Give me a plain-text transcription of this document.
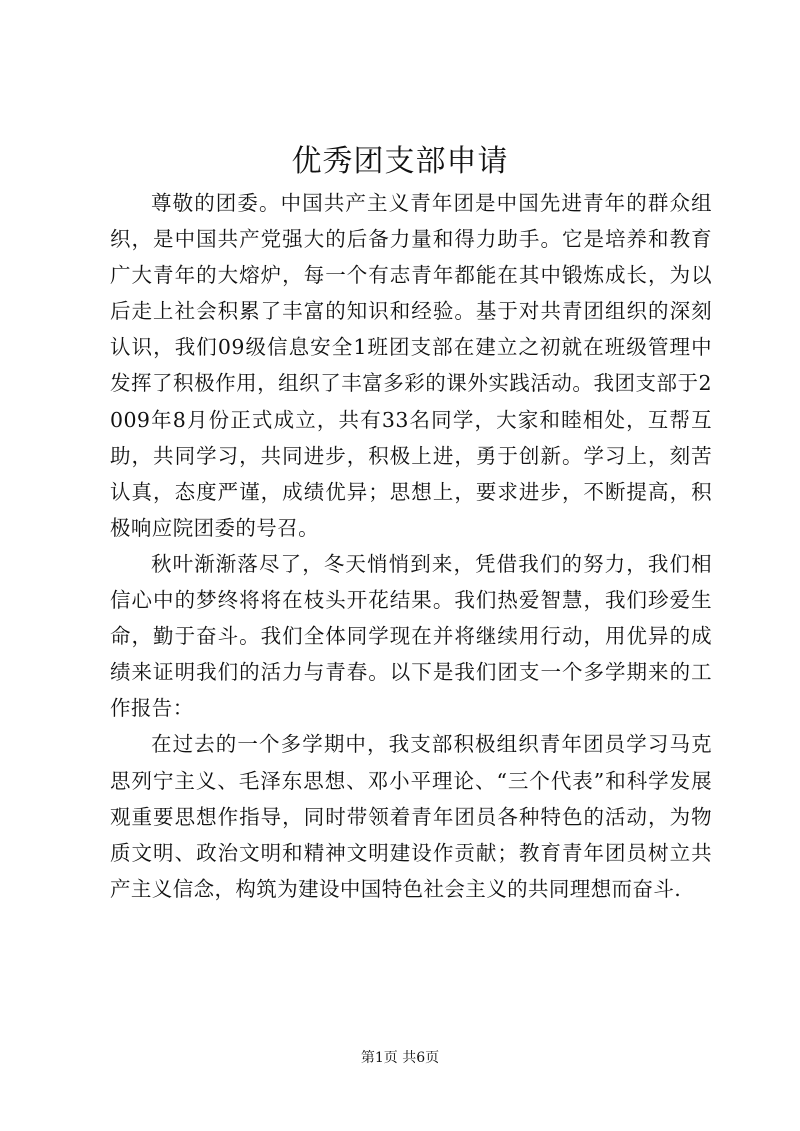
优秀团支部申请

尊敬的团委。中国共产主义青年团是中国先进青年的群众组织，是中国共产党强大的后备力量和得力助手。它是培养和教育广大青年的大熔炉，每一个有志青年都能在其中锻炼成长，为以后走上社会积累了丰富的知识和经验。基于对共青团组织的深刻认识，我们09级信息安全1班团支部在建立之初就在班级管理中发挥了积极作用，组织了丰富多彩的课外实践活动。我团支部于2009年8月份正式成立，共有33名同学，大家和睦相处，互帮互助，共同学习，共同进步，积极上进，勇于创新。学习上，刻苦认真，态度严谨，成绩优异；思想上，要求进步，不断提高，积极响应院团委的号召。

秋叶渐渐落尽了，冬天悄悄到来，凭借我们的努力，我们相信心中的梦终将将在枝头开花结果。我们热爱智慧，我们珍爱生命，勤于奋斗。我们全体同学现在并将继续用行动，用优异的成绩来证明我们的活力与青春。以下是我们团支一个多学期来的工作报告：

在过去的一个多学期中，我支部积极组织青年团员学习马克思列宁主义、毛泽东思想、邓小平理论、“三个代表”和科学发展观重要思想作指导，同时带领着青年团员各种特色的活动，为物质文明、政治文明和精神文明建设作贡献；教育青年团员树立共产主义信念，构筑为建设中国特色社会主义的共同理想而奋斗.

第1页 共6页
